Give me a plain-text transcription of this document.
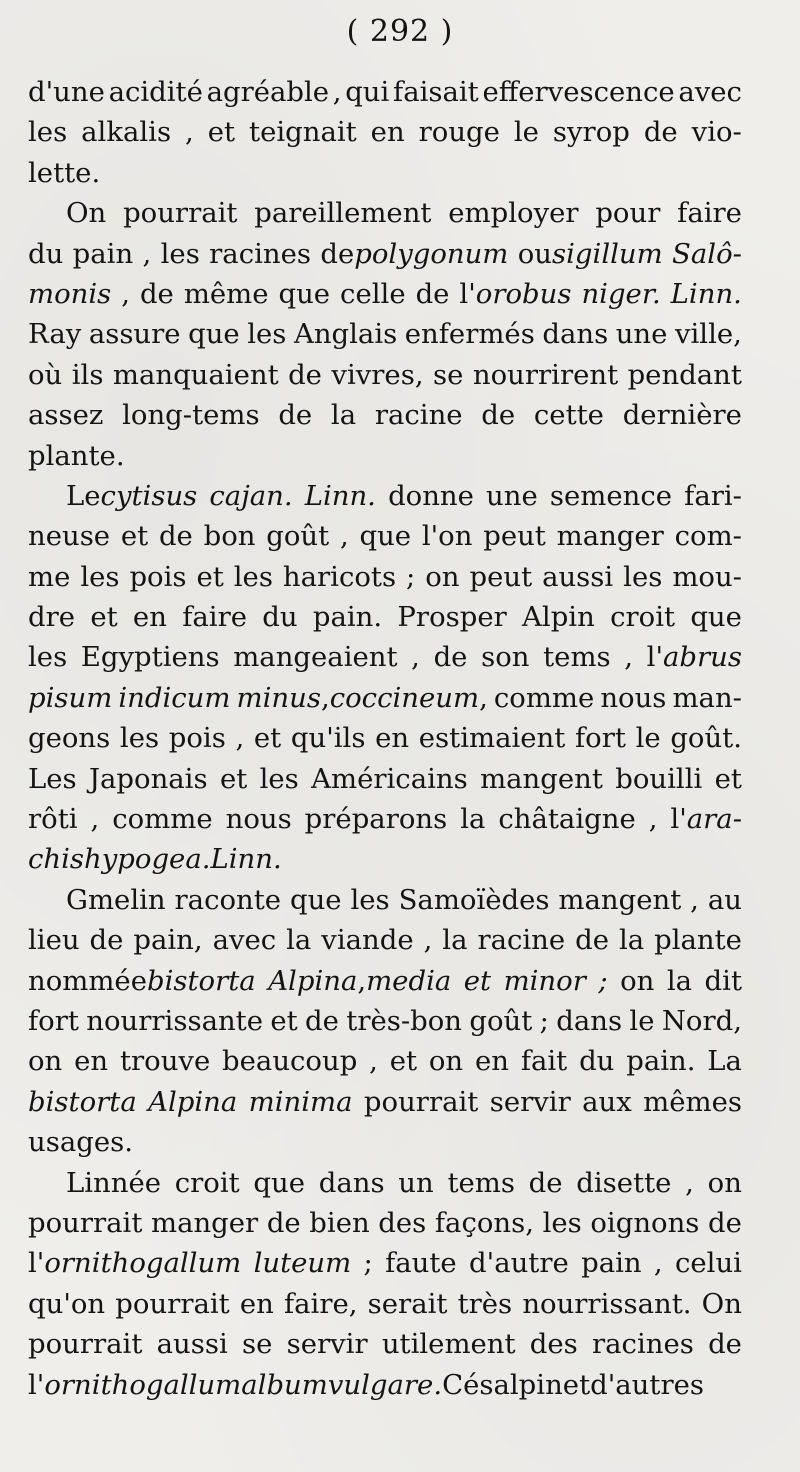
( 292 )
d'une acidité agréable , qui faisait effervescence avec
les alkalis , et teignait en rouge le syrop de vio-
lette.
On pourrait pareillement employer pour faire
du pain , les racines depolygonum ousigillum Salô-
monis , de même que celle de l'orobus niger. Linn.
Ray assure que les Anglais enfermés dans une ville,
où ils manquaient de vivres, se nourrirent pendant
assez long-tems de la racine de cette dernière
plante.
Lecytisus cajan. Linn. donne une semence fari-
neuse et de bon goût , que l'on peut manger com-
me les pois et les haricots ; on peut aussi les mou-
dre et en faire du pain. Prosper Alpin croit que
les Egyptiens mangeaient , de son tems , l'abrus
pisum indicum minus,coccineum, comme nous man-
geons les pois , et qu'ils en estimaient fort le goût.
Les Japonais et les Américains mangent bouilli et
rôti , comme nous préparons la châtaigne , l'ara-
chis hypogea. Linn.
Gmelin raconte que les Samoïèdes mangent , au
lieu de pain, avec la viande , la racine de la plante
nomméebistorta Alpina,media et minor ; on la dit
fort nourrissante et de très-bon goût ; dans le Nord,
on en trouve beaucoup , et on en fait du pain. La
bistorta Alpina minima pourrait servir aux mêmes
usages.
Linnée croit que dans un tems de disette , on
pourrait manger de bien des façons, les oignons de
l'ornithogallum luteum ; faute d'autre pain , celui
qu'on pourrait en faire, serait très nourrissant. On
pourrait aussi se servir utilement des racines de
l'ornithogallum album vulgare. Césalpin et d'autres
